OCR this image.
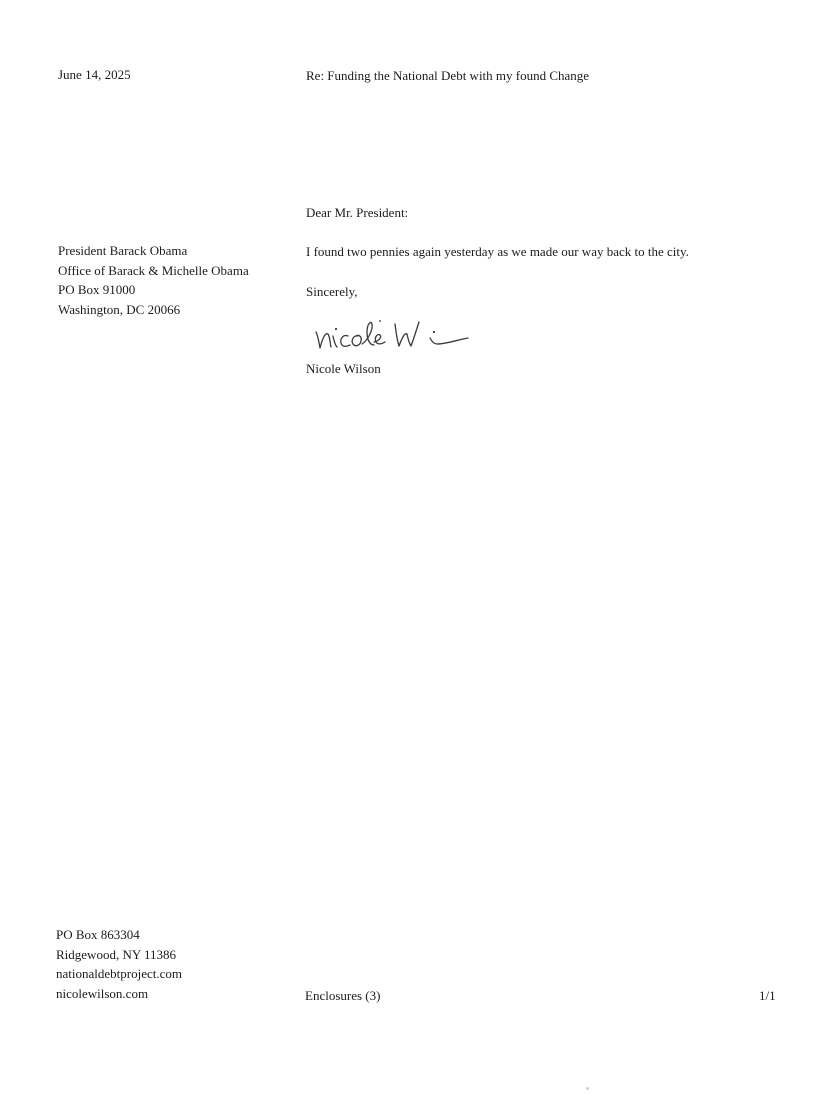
June 14, 2025	Re: Funding the National Debt with my found Change
Dear Mr. President:
President Barack Obama
Office of Barack & Michelle Obama
PO Box 91000
Washington, DC 20066
I found two pennies again yesterday as we made our way back to the city.
Sincerely,
Nicole Wilson
PO Box 863304
Ridgewood, NY 11386
nationaldebtproject.com
nicolewilson.com	Enclosures (3)	1/1
